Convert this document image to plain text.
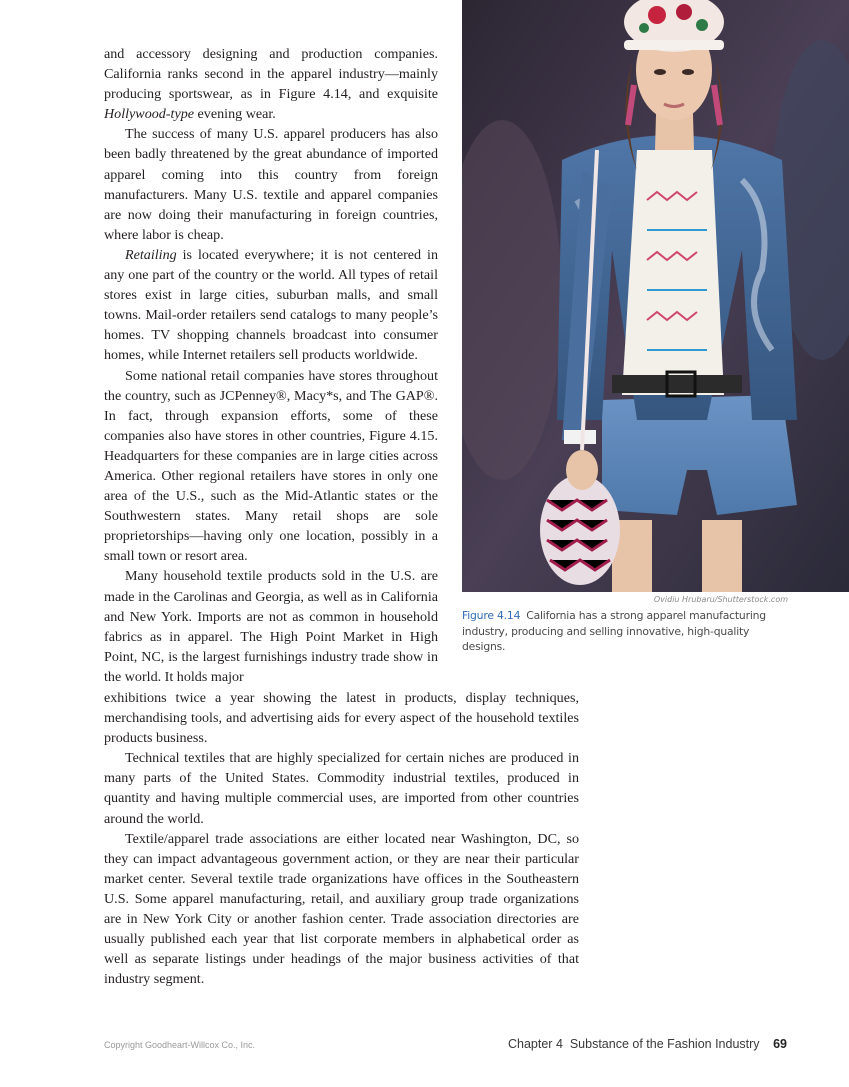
and accessory designing and production companies. California ranks second in the apparel industry—mainly producing sportswear, as in Figure 4.14, and exquisite Hollywood-type evening wear.

The success of many U.S. apparel producers has also been badly threatened by the great abundance of imported apparel coming into this country from foreign manufacturers. Many U.S. textile and apparel companies are now doing their manufacturing in foreign countries, where labor is cheap.

Retailing is located everywhere; it is not centered in any one part of the country or the world. All types of retail stores exist in large cities, suburban malls, and small towns. Mail-order retailers send catalogs to many people’s homes. TV shopping channels broadcast into consumer homes, while Internet retailers sell products worldwide.

Some national retail companies have stores throughout the country, such as JCPenney®, Macy*s, and The GAP®. In fact, through expansion efforts, some of these companies also have stores in other countries, Figure 4.15. Headquarters for these companies are in large cities across America. Other regional retailers have stores in only one area of the U.S., such as the Mid-Atlantic states or the Southwestern states. Many retail shops are sole proprietorships—having only one location, possibly in a small town or resort area.

Many household textile products sold in the U.S. are made in the Carolinas and Georgia, as well as in California and New York. Imports are not as common in household fabrics as in apparel. The High Point Market in High Point, NC, is the largest furnishings industry trade show in the world. It holds major

exhibitions twice a year showing the latest in products, display techniques, merchandising tools, and advertising aids for every aspect of the household textiles products business.

Technical textiles that are highly specialized for certain niches are produced in many parts of the United States. Commodity industrial textiles, produced in quantity and having multiple commercial uses, are imported from other countries around the world.

Textile/apparel trade associations are either located near Washington, DC, so they can impact advantageous government action, or they are near their particular market center. Several textile trade organizations have offices in the Southeastern U.S. Some apparel manufacturing, retail, and auxiliary group trade organizations are in New York City or another fashion center. Trade association directories are usually published each year that list corporate members in alphabetical order as well as separate listings under headings of the major business activities of that industry segment.

Ovidiu Hrubaru/Shutterstock.com
Figure 4.14 California has a strong apparel manufacturing industry, producing and selling innovative, high-quality designs.
Copyright Goodheart-Willcox Co., Inc.	Chapter 4  Substance of the Fashion Industry 69
